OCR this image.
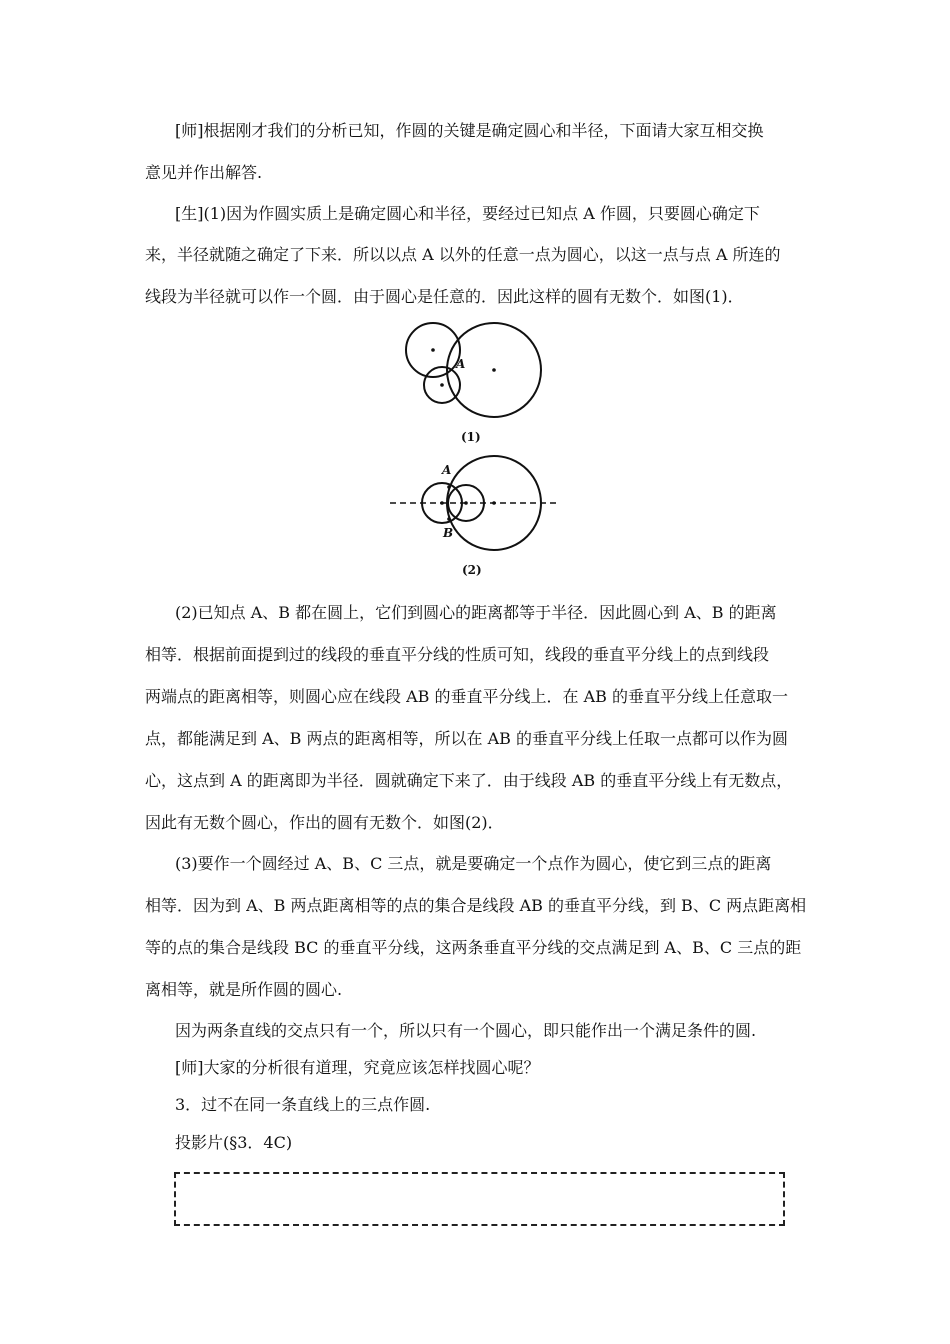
[师]根据刚才我们的分析已知，作圆的关键是确定圆心和半径，下面请大家互相交换
意见并作出解答.
[生](1)因为作圆实质上是确定圆心和半径，要经过已知点 A 作圆，只要圆心确定下
来，半径就随之确定了下来．所以以点 A 以外的任意一点为圆心，以这一点与点 A 所连的
线段为半径就可以作一个圆．由于圆心是任意的．因此这样的圆有无数个．如图(1)．
A
(1)
A
B
(2)
(2)已知点 A、B 都在圆上，它们到圆心的距离都等于半径．因此圆心到 A、B 的距离
相等．根据前面提到过的线段的垂直平分线的性质可知，线段的垂直平分线上的点到线段
两端点的距离相等，则圆心应在线段 AB 的垂直平分线上．在 AB 的垂直平分线上任意取一
点，都能满足到 A、B 两点的距离相等，所以在 AB 的垂直平分线上任取一点都可以作为圆
心，这点到 A 的距离即为半径．圆就确定下来了．由于线段 AB 的垂直平分线上有无数点，
因此有无数个圆心，作出的圆有无数个．如图(2)．
(3)要作一个圆经过 A、B、C 三点，就是要确定一个点作为圆心，使它到三点的距离
相等．因为到 A、B 两点距离相等的点的集合是线段 AB 的垂直平分线，到 B、C 两点距离相
等的点的集合是线段 BC 的垂直平分线，这两条垂直平分线的交点满足到 A、B、C 三点的距
离相等，就是所作圆的圆心.
因为两条直线的交点只有一个，所以只有一个圆心，即只能作出一个满足条件的圆.
[师]大家的分析很有道理，究竟应该怎样找圆心呢？
3．过不在同一条直线上的三点作圆.
投影片(§3．4C)
